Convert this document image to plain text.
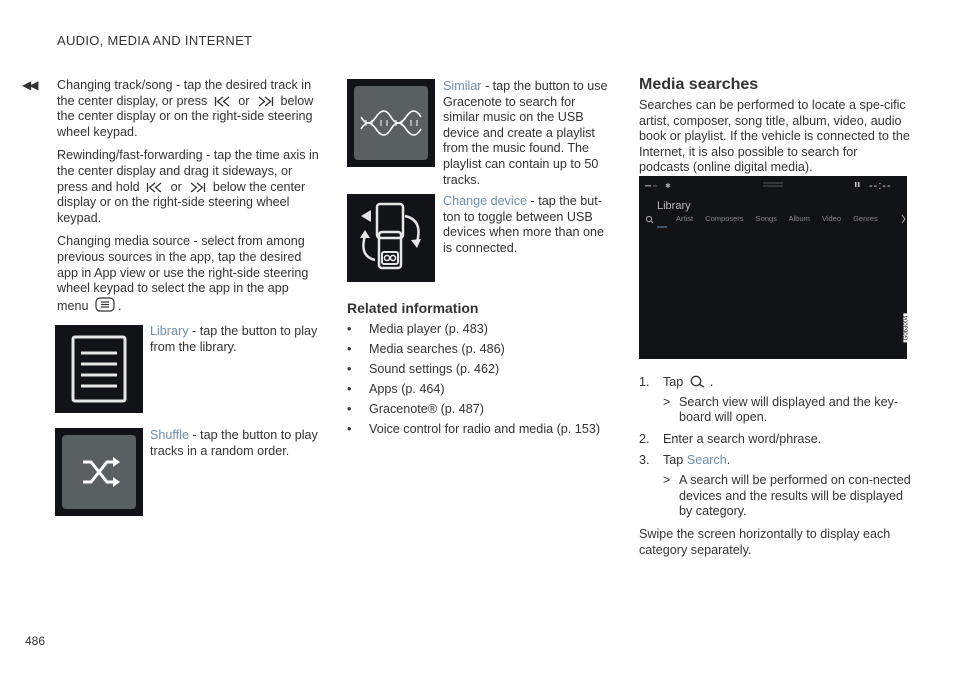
AUDIO, MEDIA AND INTERNET
◀◀
486

Changing track/song - tap the desired track in the center display, or press or below the center display or on the right-side steering wheel keypad.

Rewinding/fast-forwarding - tap the time axis in the center display and drag it sideways, or press and hold or below the center display or on the right-side steering wheel keypad.

Changing media source - select from among previous sources in the app, tap the desired app in App view or use the right-side steering wheel keypad to select the app in the app menu .

Library - tap the button to play from the library.
Shuffle - tap the button to play tracks in a random order.
Similar - tap the button to use Gracenote to search for similar music on the USB device and create a playlist from the music found. The playlist can contain up to 50 tracks.
Change device - tap the but-ton to toggle between USB devices when more than one is connected.
Related information
• Media player (p. 483)
• Media searches (p. 486)
• Sound settings (p. 462)
• Apps (p. 464)
• Gracenote® (p. 487)
• Voice control for radio and media (p. 153)
Media searches

Searches can be performed to locate a spe-cific artist, composer, song title, album, video, audio book or playlist. If the vehicle is connected to the Internet, it is also possible to search for podcasts (online digital media).

✱	--:--
Library
Artist Composers Songs Album Video Genres
G063004
1. Tap .
> Search view will displayed and the key-board will open.
2. Enter a search word/phrase.
3. Tap Search.
> A search will be performed on con-nected devices and the results will be displayed by category.
Swipe the screen horizontally to display each category separately.
